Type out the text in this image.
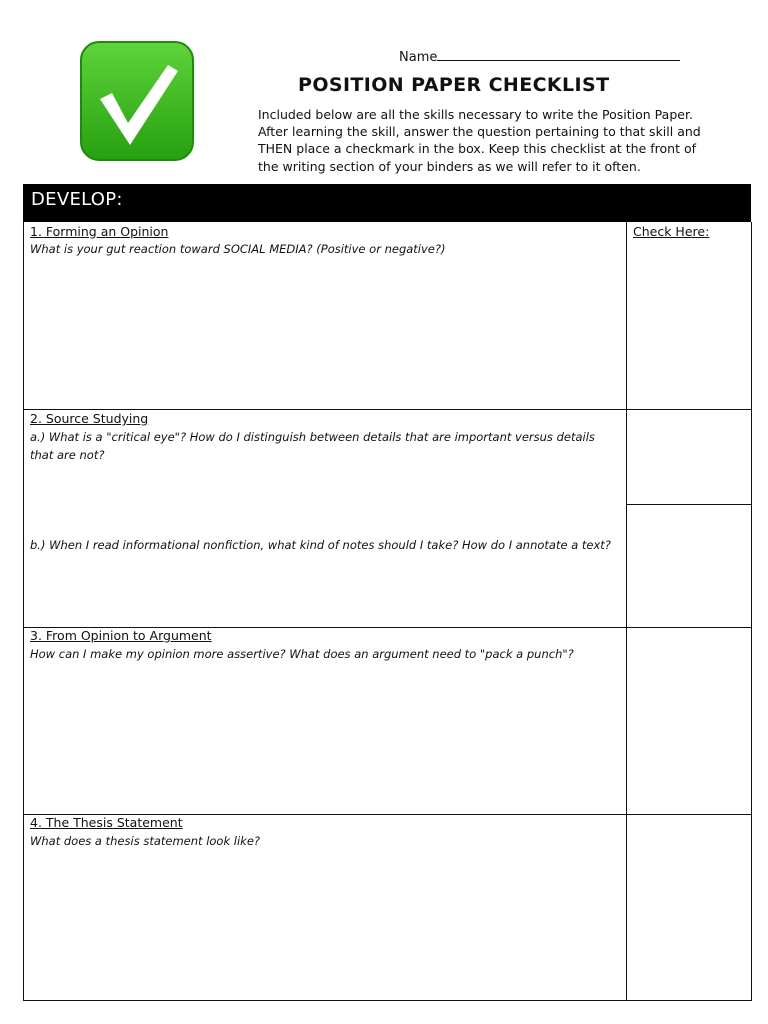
Name
POSITION PAPER CHECKLIST
Included below are all the skills necessary to write the Position Paper.
After learning the skill, answer the question pertaining to that skill and
THEN place a checkmark in the box. Keep this checklist at the front of
the writing section of your binders as we will refer to it often.
DEVELOP:
Check Here:
1. Forming an Opinion
What is your gut reaction toward SOCIAL MEDIA? (Positive or negative?)
2. Source Studying
a.) What is a "critical eye"? How do I distinguish between details that are important versus details that are not?
b.) When I read informational nonfiction, what kind of notes should I take? How do I annotate a text?
3. From Opinion to Argument
How can I make my opinion more assertive? What does an argument need to "pack a punch"?
4. The Thesis Statement
What does a thesis statement look like?
